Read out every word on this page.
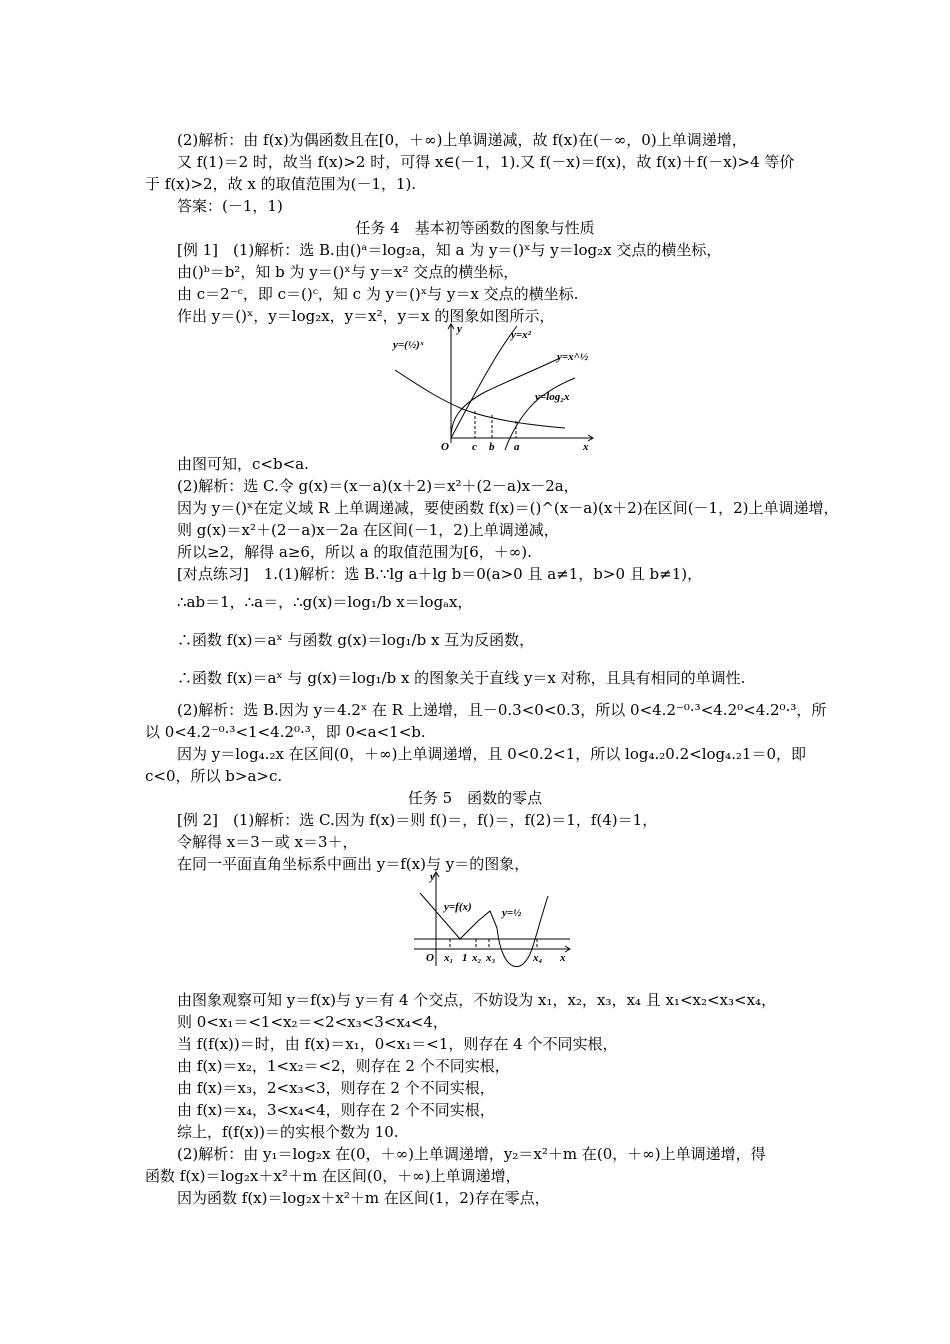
(2)解析：由 f(x)为偶函数且在[0，＋∞)上单调递减，故 f(x)在(－∞，0)上单调递增，
又 f(1)＝2 时，故当 f(x)>2 时，可得 x∈(－1，1).又 f(－x)＝f(x)，故 f(x)＋f(－x)>4 等价
于 f(x)>2，故 x 的取值范围为(－1，1).
答案：(－1，1)
任务 4　基本初等函数的图象与性质
[例 1]　(1)解析：选 B.由()ᵃ＝log₂a，知 a 为 y＝()ˣ与 y＝log₂x 交点的横坐标，
由()ᵇ＝b²，知 b 为 y＝()ˣ与 y＝x² 交点的横坐标，
由 c＝2⁻ᶜ，即 c＝()ᶜ，知 c 为 y＝()ˣ与 y＝x 交点的横坐标.
作出 y＝()ˣ，y＝log₂x，y＝x²，y＝x 的图象如图所示，
y	y=x²
y=(½)ˣ
y=x^½
y=log₂x
O c b a	x
由图可知，c<b<a.
(2)解析：选 C.令 g(x)＝(x－a)(x＋2)＝x²＋(2－a)x－2a，
因为 y＝()ˣ在定义域 R 上单调递减，要使函数 f(x)＝()^(x－a)(x＋2)在区间(－1，2)上单调递增，
则 g(x)＝x²＋(2－a)x－2a 在区间(－1，2)上单调递减，
所以≥2，解得 a≥6，所以 a 的取值范围为[6，＋∞).
[对点练习]　1.(1)解析：选 B.∵lg a＋lg b＝0(a>0 且 a≠1，b>0 且 b≠1)，
∴ab＝1，∴a＝，∴g(x)＝log₁/b x＝logₐx，
∴函数 f(x)＝aˣ 与函数 g(x)＝log₁/b x 互为反函数，
∴函数 f(x)＝aˣ 与 g(x)＝log₁/b x 的图象关于直线 y＝x 对称，且具有相同的单调性.
(2)解析：选 B.因为 y＝4.2ˣ 在 R 上递增，且－0.3<0<0.3，所以 0<4.2⁻⁰·³<4.2⁰<4.2⁰·³，所
以 0<4.2⁻⁰·³<1<4.2⁰·³，即 0<a<1<b.
因为 y＝log₄.₂x 在区间(0，＋∞)上单调递增，且 0<0.2<1，所以 log₄.₂0.2<log₄.₂1＝0，即
c<0，所以 b>a>c.
任务 5　函数的零点
[例 2]　(1)解析：选 C.因为 f(x)＝则 f()＝，f()＝，f(2)＝1，f(4)＝1，
令解得 x＝3－或 x＝3＋，
在同一平面直角坐标系中画出 y＝f(x)与 y＝的图象，
y
y=f(x)	y=½
O x₁ 1 x₂ x₃	x₄ x
由图象观察可知 y＝f(x)与 y＝有 4 个交点，不妨设为 x₁，x₂，x₃，x₄ 且 x₁<x₂<x₃<x₄，
则 0<x₁＝<1<x₂＝<2<x₃<3<x₄<4，
当 f(f(x))＝时，由 f(x)＝x₁，0<x₁＝<1，则存在 4 个不同实根，
由 f(x)＝x₂，1<x₂＝<2，则存在 2 个不同实根，
由 f(x)＝x₃，2<x₃<3，则存在 2 个不同实根，
由 f(x)＝x₄，3<x₄<4，则存在 2 个不同实根，
综上，f(f(x))＝的实根个数为 10.
(2)解析：由 y₁＝log₂x 在(0，＋∞)上单调递增，y₂＝x²＋m 在(0，＋∞)上单调递增，得
函数 f(x)＝log₂x＋x²＋m 在区间(0，＋∞)上单调递增，
因为函数 f(x)＝log₂x＋x²＋m 在区间(1，2)存在零点，
